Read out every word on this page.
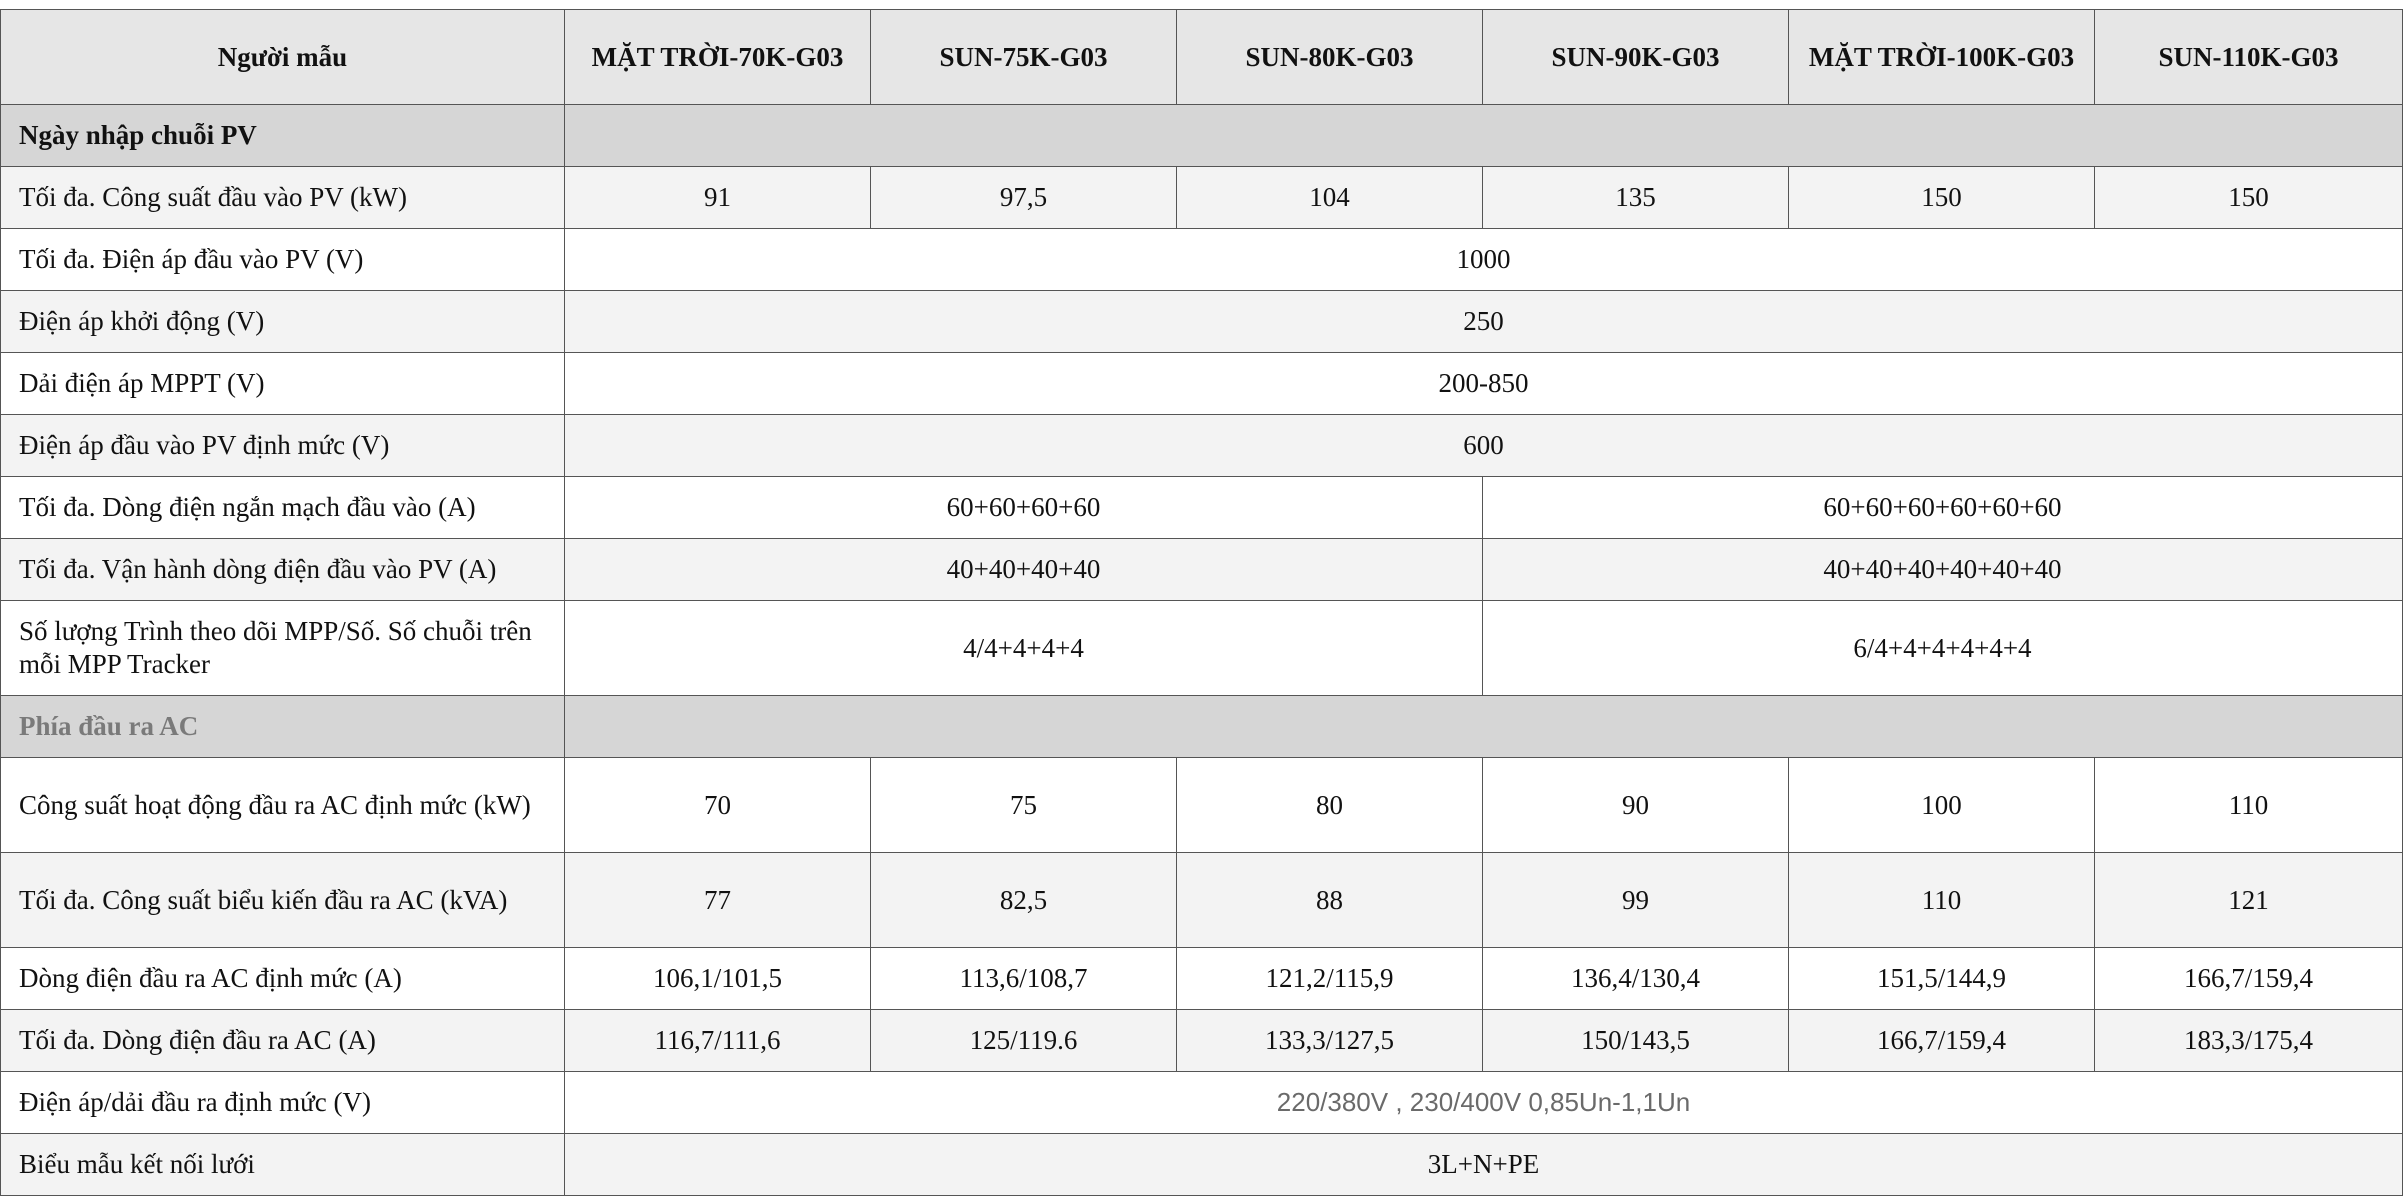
Người mẫu	MẶT TRỜI-70K-G03	SUN-75K-G03	SUN-80K-G03	SUN-90K-G03	MẶT TRỜI-100K-G03	SUN-110K-G03
Ngày nhập chuỗi PV						
Tối đa. Công suất đầu vào PV (kW)	91	97,5	104	135	150	150
Tối đa. Điện áp đầu vào PV (V)	1000					
Điện áp khởi động (V)	250					
Dải điện áp MPPT (V)	200-850					
Điện áp đầu vào PV định mức (V)	600					
Tối đa. Dòng điện ngắn mạch đầu vào (A)	60+60+60+60			60+60+60+60+60+60		
Tối đa. Vận hành dòng điện đầu vào PV (A)	40+40+40+40			40+40+40+40+40+40		
Số lượng Trình theo dõi MPP/Số. Số chuỗi trên mỗi MPP Tracker	4/4+4+4+4			6/4+4+4+4+4+4		
Phía đầu ra AC						
Công suất hoạt động đầu ra AC định mức (kW)	70	75	80	90	100	110
Tối đa. Công suất biểu kiến đầu ra AC (kVA)	77	82,5	88	99	110	121
Dòng điện đầu ra AC định mức (A)	106,1/101,5	113,6/108,7	121,2/115,9	136,4/130,4	151,5/144,9	166,7/159,4
Tối đa. Dòng điện đầu ra AC (A)	116,7/111,6	125/119.6	133,3/127,5	150/143,5	166,7/159,4	183,3/175,4
Điện áp/dải đầu ra định mức (V)	220/380V , 230/400V 0,85Un-1,1Un					
Biểu mẫu kết nối lưới	3L+N+PE					
